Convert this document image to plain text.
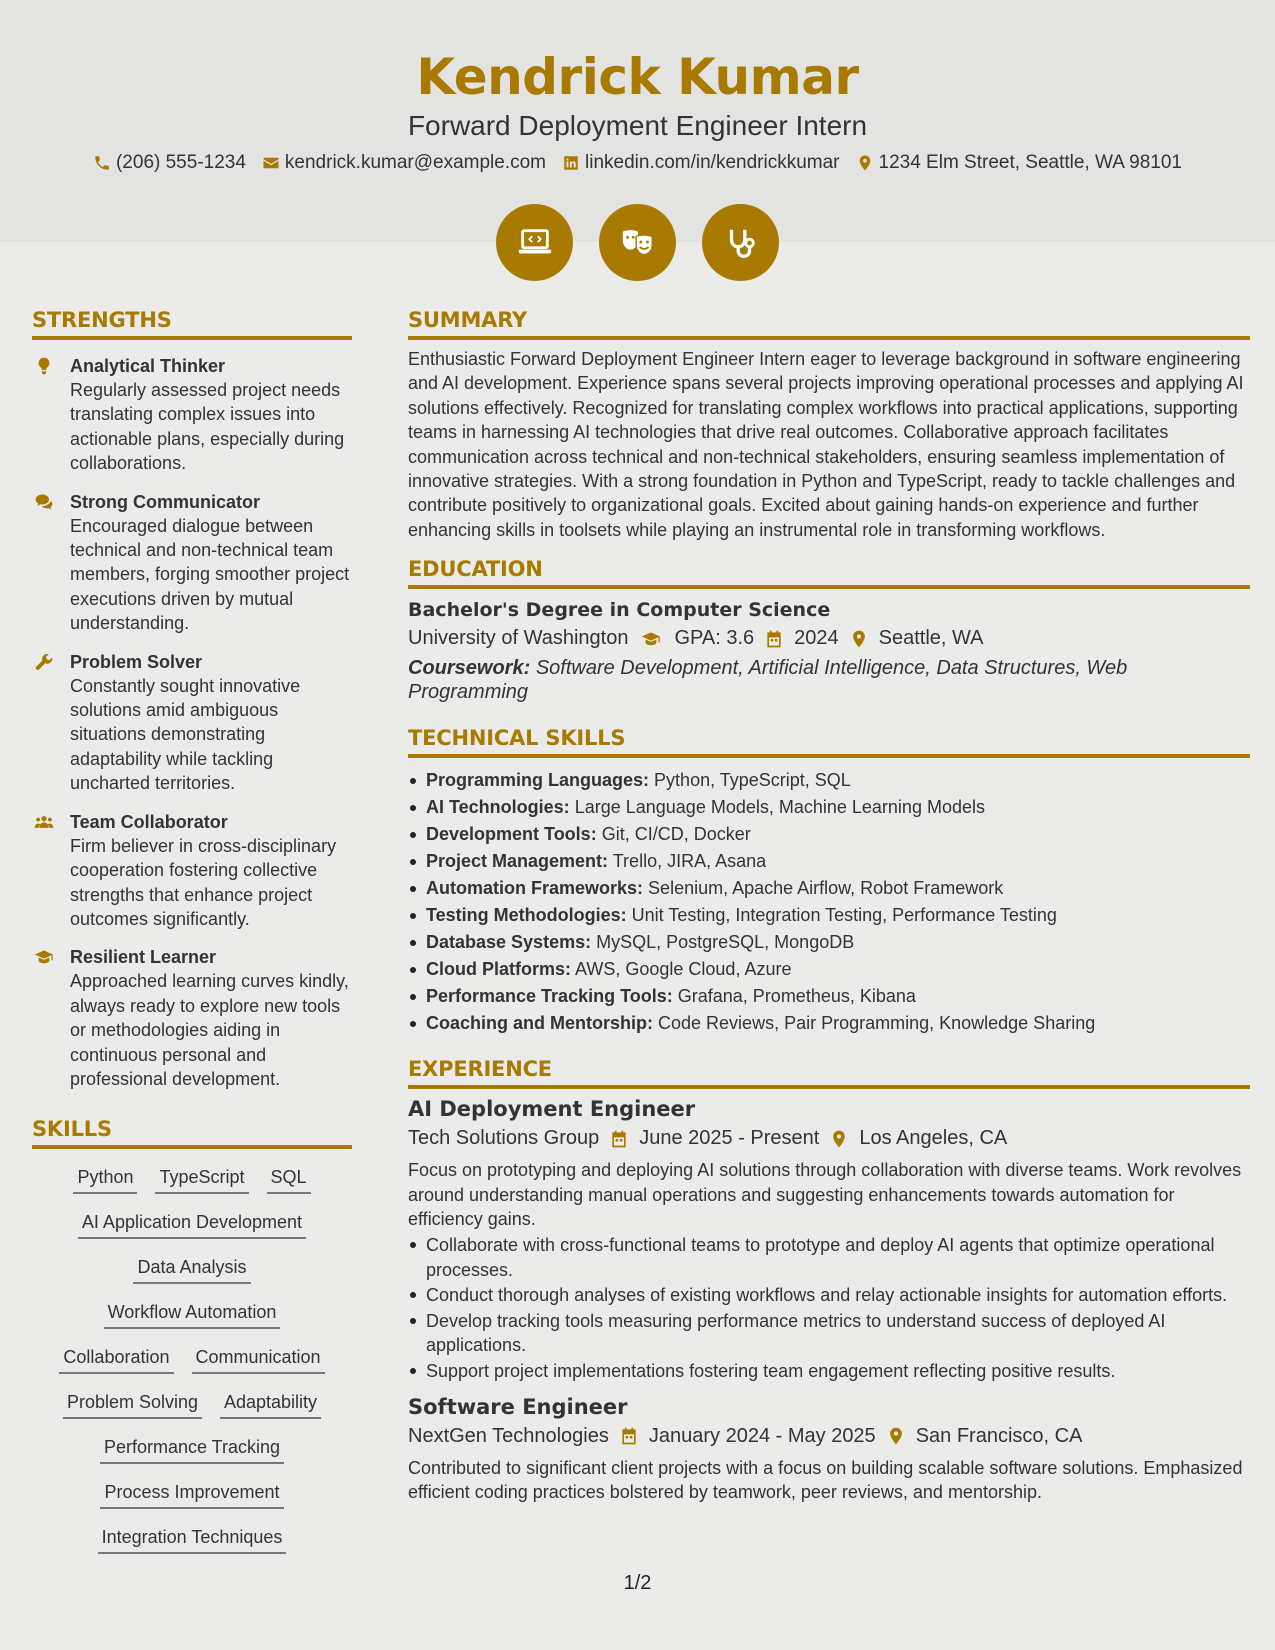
Kendrick Kumar
Forward Deployment Engineer Intern
(206) 555-1234 kendrick.kumar@example.com linkedin.com/in/kendrickkumar 1234 Elm Street, Seattle, WA 98101
STRENGTHS
Analytical Thinker
Regularly assessed project needs translating complex issues into actionable plans, especially during collaborations.
Strong Communicator
Encouraged dialogue between technical and non-technical team members, forging smoother project executions driven by mutual understanding.
Problem Solver
Constantly sought innovative solutions amid ambiguous situations demonstrating adaptability while tackling uncharted territories.
Team Collaborator
Firm believer in cross-disciplinary cooperation fostering collective strengths that enhance project outcomes significantly.
Resilient Learner
Approached learning curves kindly, always ready to explore new tools or methodologies aiding in continuous personal and professional development.
SKILLS
Python TypeScript SQL
AI Application Development
Data Analysis
Workflow Automation
Collaboration Communication
Problem Solving Adaptability
Performance Tracking
Process Improvement
Integration Techniques
SUMMARY
Enthusiastic Forward Deployment Engineer Intern eager to leverage background in software engineering and AI development. Experience spans several projects improving operational processes and applying AI solutions effectively. Recognized for translating complex workflows into practical applications, supporting teams in harnessing AI technologies that drive real outcomes. Collaborative approach facilitates communication across technical and non-technical stakeholders, ensuring seamless implementation of innovative strategies. With a strong foundation in Python and TypeScript, ready to tackle challenges and contribute positively to organizational goals. Excited about gaining hands-on experience and further enhancing skills in toolsets while playing an instrumental role in transforming workflows.
EDUCATION
Bachelor's Degree in Computer Science
University of Washington GPA: 3.6 2024 Seattle, WA
Coursework: Software Development, Artificial Intelligence, Data Structures, Web Programming
TECHNICAL SKILLS
Programming Languages: Python, TypeScript, SQL
AI Technologies: Large Language Models, Machine Learning Models
Development Tools: Git, CI/CD, Docker
Project Management: Trello, JIRA, Asana
Automation Frameworks: Selenium, Apache Airflow, Robot Framework
Testing Methodologies: Unit Testing, Integration Testing, Performance Testing
Database Systems: MySQL, PostgreSQL, MongoDB
Cloud Platforms: AWS, Google Cloud, Azure
Performance Tracking Tools: Grafana, Prometheus, Kibana
Coaching and Mentorship: Code Reviews, Pair Programming, Knowledge Sharing
EXPERIENCE
AI Deployment Engineer
Tech Solutions Group June 2025 - Present Los Angeles, CA
Focus on prototyping and deploying AI solutions through collaboration with diverse teams. Work revolves around understanding manual operations and suggesting enhancements towards automation for efficiency gains.
Collaborate with cross-functional teams to prototype and deploy AI agents that optimize operational processes.
Conduct thorough analyses of existing workflows and relay actionable insights for automation efforts.
Develop tracking tools measuring performance metrics to understand success of deployed AI applications.
Support project implementations fostering team engagement reflecting positive results.
Software Engineer
NextGen Technologies January 2024 - May 2025 San Francisco, CA
Contributed to significant client projects with a focus on building scalable software solutions. Emphasized efficient coding practices bolstered by teamwork, peer reviews, and mentorship.
1/2
